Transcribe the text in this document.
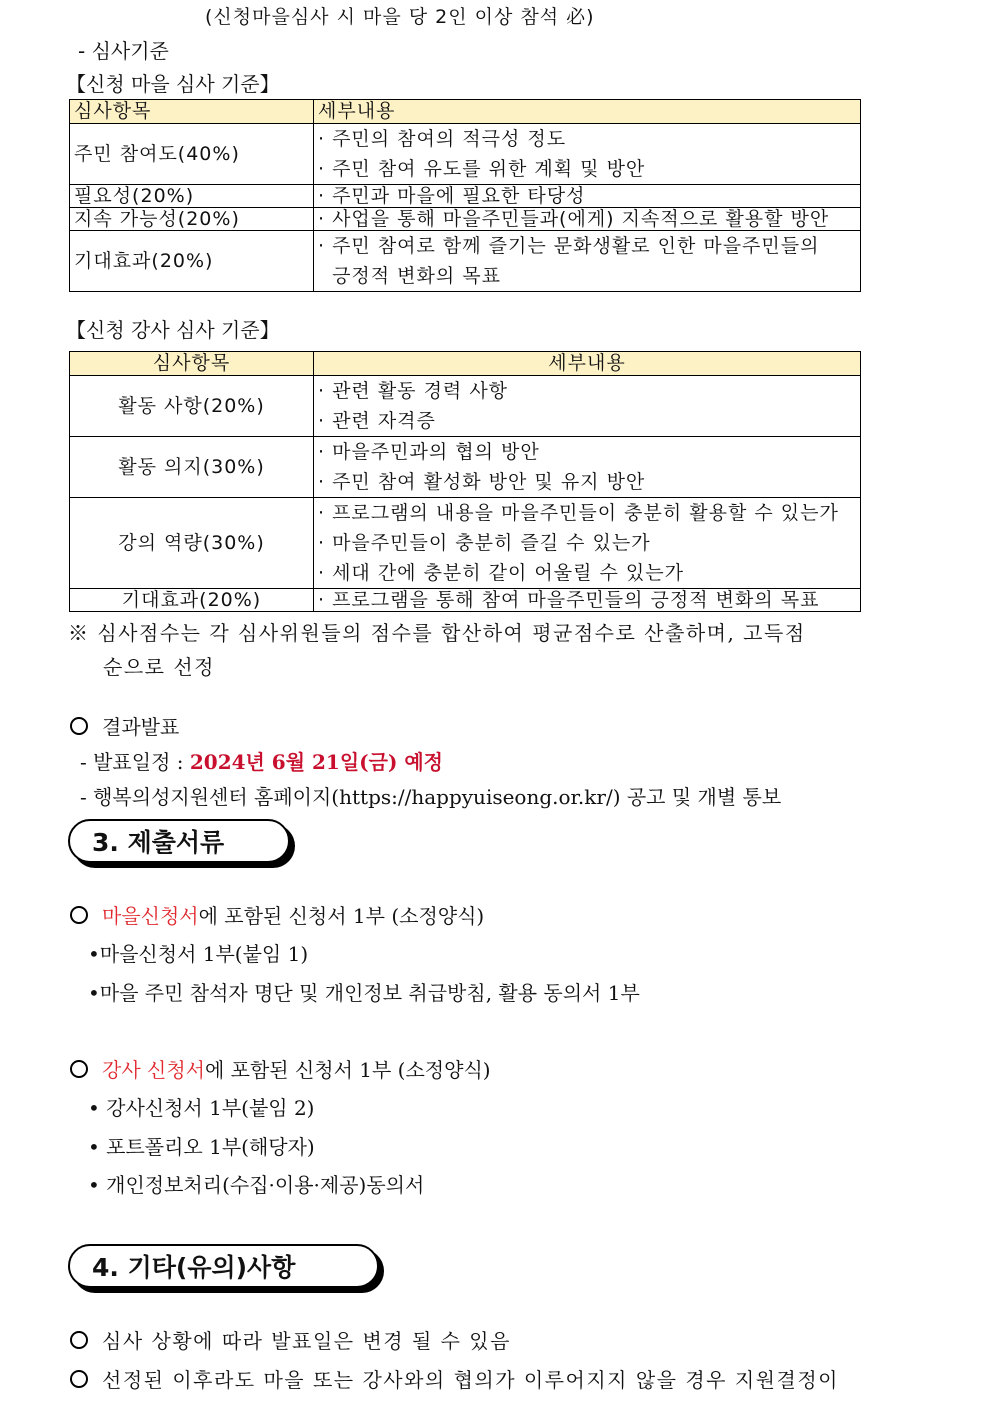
(신청마을심사 시 마을 당 2인 이상 참석 必)
- 심사기준
【신청 마을 심사 기준】
심사항목	세부내용
주민 참여도(40%)	· 주민의 참여의 적극성 정도
· 주민 참여 유도를 위한 계획 및 방안

필요성(20%)	· 주민과 마을에 필요한 타당성
지속 가능성(20%)	· 사업을 통해 마을주민들과(에게) 지속적으로 활용할 방안
기대효과(20%)	· 주민 참여로 함께 즐기는 문화생활로 인한 마을주민들의
긍정적 변화의 목표
【신청 강사 심사 기준】
심사항목	세부내용
활동 사항(20%)	· 관련 활동 경력 사항
· 관련 자격증

활동 의지(30%)	· 마을주민과의 협의 방안
· 주민 참여 활성화 방안 및 유지 방안

강의 역량(30%)	· 프로그램의 내용을 마을주민들이 충분히 활용할 수 있는가
· 마을주민들이 충분히 즐길 수 있는가
· 세대 간에 충분히 같이 어울릴 수 있는가

기대효과(20%)	· 프로그램을 통해 참여 마을주민들의 긍정적 변화의 목표
※ 심사점수는 각 심사위원들의 점수를 합산하여 평균점수로 산출하며, 고득점
순으로 선정
결과발표
- 발표일정 : 2024년 6월 21일(금) 예정
- 행복의성지원센터 홈페이지(https://happyuiseong.or.kr/) 공고 및 개별 통보
3. 제출서류
마을신청서에 포함된 신청서 1부 (소정양식)
•마을신청서 1부(붙임 1)
•마을 주민 참석자 명단 및 개인정보 취급방침, 활용 동의서 1부
강사 신청서에 포함된 신청서 1부 (소정양식)
• 강사신청서 1부(붙임 2)
• 포트폴리오 1부(해당자)
• 개인정보처리(수집·이용·제공)동의서
4. 기타(유의)사항
심사 상황에 따라 발표일은 변경 될 수 있음
선정된 이후라도 마을 또는 강사와의 협의가 이루어지지 않을 경우 지원결정이
